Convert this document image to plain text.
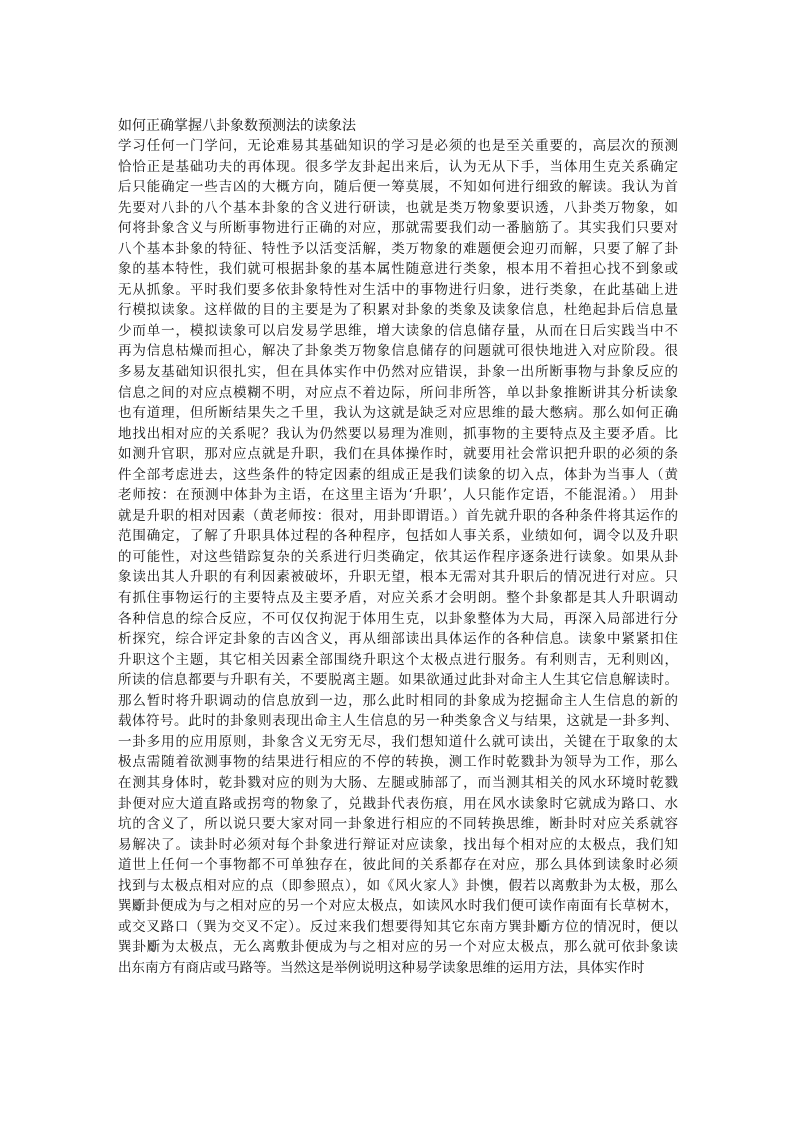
如何正确掌握八卦象数预测法的读象法
学习任何一门学问，无论难易其基础知识的学习是必须的也是至关重要的，高层次的预测
恰恰正是基础功夫的再体现。很多学友卦起出来后，认为无从下手，当体用生克关系确定
后只能确定一些吉凶的大概方向，随后便一筹莫展，不知如何进行细致的解读。我认为首
先要对八卦的八个基本卦象的含义进行研读，也就是类万物象要识透，八卦类万物象，如
何将卦象含义与所断事物进行正确的对应，那就需要我们动一番脑筋了。其实我们只要对
八个基本卦象的特征、特性予以活变活解，类万物象的难题便会迎刃而解，只要了解了卦
象的基本特性，我们就可根据卦象的基本属性随意进行类象，根本用不着担心找不到象或
无从抓象。平时我们要多依卦象特性对生活中的事物进行归象，进行类象，在此基础上进
行模拟读象。这样做的目的主要是为了积累对卦象的类象及读象信息，杜绝起卦后信息量
少而单一，模拟读象可以启发易学思维，增大读象的信息储存量，从而在日后实践当中不
再为信息枯燥而担心，解决了卦象类万物象信息储存的问题就可很快地进入对应阶段。很
多易友基础知识很扎实，但在具体实作中仍然对应错误，卦象一出所断事物与卦象反应的
信息之间的对应点模糊不明，对应点不着边际，所问非所答，单以卦象推断讲其分析读象
也有道理，但所断结果失之千里，我认为这就是缺乏对应思维的最大憋病。那么如何正确
地找出相对应的关系呢？我认为仍然要以易理为准则，抓事物的主要特点及主要矛盾。比
如测升官职，那对应点就是升职，我们在具体操作时，就要用社会常识把升职的必须的条
件全部考虑进去，这些条件的特定因素的组成正是我们读象的切入点，体卦为当事人（黄
老师按：在预测中体卦为主语，在这里主语为‘升职’，人只能作定语，不能混淆。） 用卦
就是升职的相对因素（黄老师按：很对，用卦即谓语。）首先就升职的各种条件将其运作的
范围确定，了解了升职具体过程的各种程序，包括如人事关系，业绩如何，调令以及升职
的可能性，对这些错踪复杂的关系进行归类确定，依其运作程序逐条进行读象。如果从卦
象读出其人升职的有利因素被破坏，升职无望，根本无需对其升职后的情况进行对应。只
有抓住事物运行的主要特点及主要矛盾，对应关系才会明朗。整个卦象都是其人升职调动
各种信息的综合反应，不可仅仅拘泥于体用生克，以卦象整体为大局，再深入局部进行分
析探究，综合评定卦象的吉凶含义，再从细部读出具体运作的各种信息。读象中紧紧扣住
升职这个主题，其它相关因素全部围绕升职这个太极点进行服务。有利则吉，无利则凶，
所读的信息都要与升职有关，不要脱离主题。如果欲通过此卦对命主人生其它信息解读时。
那么暂时将升职调动的信息放到一边，那么此时相同的卦象成为挖掘命主人生信息的新的
载体符号。此时的卦象则表现出命主人生信息的另一种类象含义与结果，这就是一卦多判、
一卦多用的应用原则，卦象含义无穷无尽，我们想知道什么就可读出，关键在于取象的太
极点需随着欲测事物的结果进行相应的不停的转换，测工作时乾戮卦为领导为工作，那么
在测其身体时，乾卦戮对应的则为大肠、左腿或肺部了，而当测其相关的风水环境时乾戮
卦便对应大道直路或拐弯的物象了，兑戡卦代表伤痕，用在风水读象时它就成为路口、水
坑的含义了，所以说只要大家对同一卦象进行相应的不同转换思维，断卦时对应关系就容
易解决了。读卦时必须对每个卦象进行辩证对应读象，找出每个相对应的太极点，我们知
道世上任何一个事物都不可单独存在，彼此间的关系都存在对应，那么具体到读象时必须
找到与太极点相对应的点（即参照点），如《风火家人》卦懊，假若以离敷卦为太极，那么
巽斸卦便成为与之相对应的另一个对应太极点，如读风水时我们便可读作南面有长草树木，
或交叉路口（巽为交叉不定）。反过来我们想要得知其它东南方巽卦斸方位的情况时，便以
巽卦斸为太极点，无么离敷卦便成为与之相对应的另一个对应太极点，那么就可依卦象读
出东南方有商店或马路等。当然这是举例说明这种易学读象思维的运用方法，具体实作时
